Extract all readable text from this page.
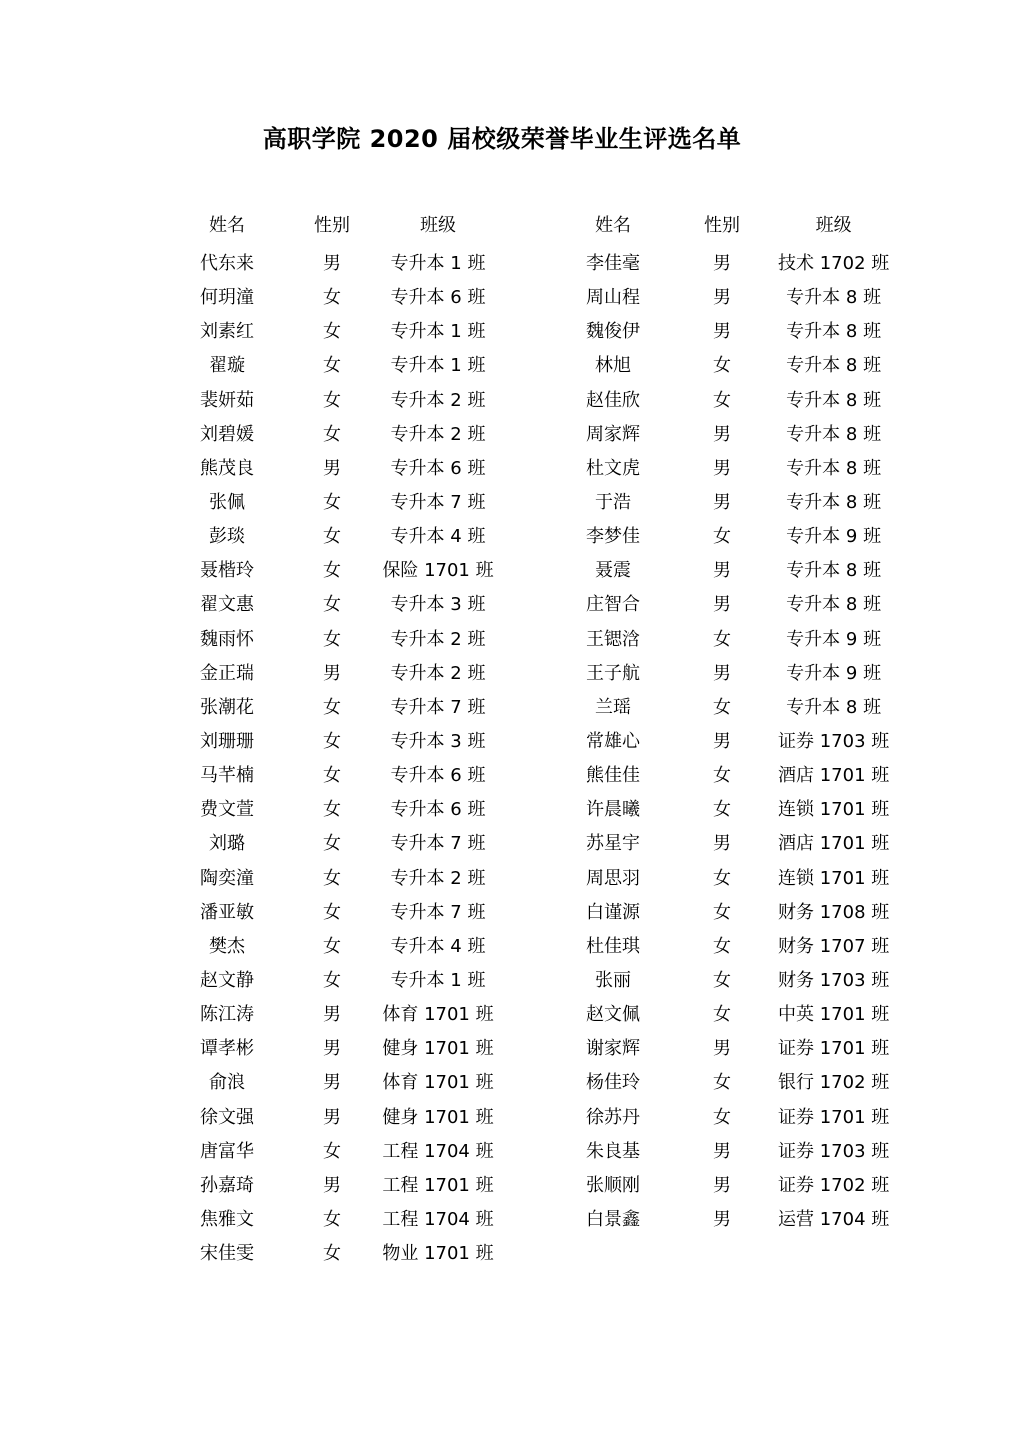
高职学院 2020 届校级荣誉毕业生评选名单
姓名	性别	班级

代东来	男	专升本 1 班
何玥潼	女	专升本 6 班
刘素红	女	专升本 1 班
翟璇	女	专升本 1 班
裴妍茹	女	专升本 2 班
刘碧媛	女	专升本 2 班
熊茂良	男	专升本 6 班
张佩	女	专升本 7 班
彭琰	女	专升本 4 班
聂楷玲	女	保险 1701 班
翟文惠	女	专升本 3 班
魏雨怀	女	专升本 2 班
金正瑞	男	专升本 2 班
张潮花	女	专升本 7 班
刘珊珊	女	专升本 3 班
马芊楠	女	专升本 6 班
费文萱	女	专升本 6 班
刘璐	女	专升本 7 班
陶奕潼	女	专升本 2 班
潘亚敏	女	专升本 7 班
樊杰	女	专升本 4 班
赵文静	女	专升本 1 班
陈江涛	男	体育 1701 班
谭孝彬	男	健身 1701 班
俞浪	男	体育 1701 班
徐文强	男	健身 1701 班
唐富华	女	工程 1704 班
孙嘉琦	男	工程 1701 班
焦雅文	女	工程 1704 班
宋佳雯	女	物业 1701 班
姓名	性别	班级

李佳毫	男	技术 1702 班
周山程	男	专升本 8 班
魏俊伊	男	专升本 8 班
林旭	女	专升本 8 班
赵佳欣	女	专升本 8 班
周家辉	男	专升本 8 班
杜文虎	男	专升本 8 班
于浩	男	专升本 8 班
李梦佳	女	专升本 9 班
聂震	男	专升本 8 班
庄智合	男	专升本 8 班
王锶浛	女	专升本 9 班
王子航	男	专升本 9 班
兰瑶	女	专升本 8 班
常雄心	男	证券 1703 班
熊佳佳	女	酒店 1701 班
许晨曦	女	连锁 1701 班
苏星宇	男	酒店 1701 班
周思羽	女	连锁 1701 班
白谨源	女	财务 1708 班
杜佳琪	女	财务 1707 班
张丽	女	财务 1703 班
赵文佩	女	中英 1701 班
谢家辉	男	证券 1701 班
杨佳玲	女	银行 1702 班
徐苏丹	女	证券 1701 班
朱良基	男	证券 1703 班
张顺刚	男	证券 1702 班
白景鑫	男	运营 1704 班
